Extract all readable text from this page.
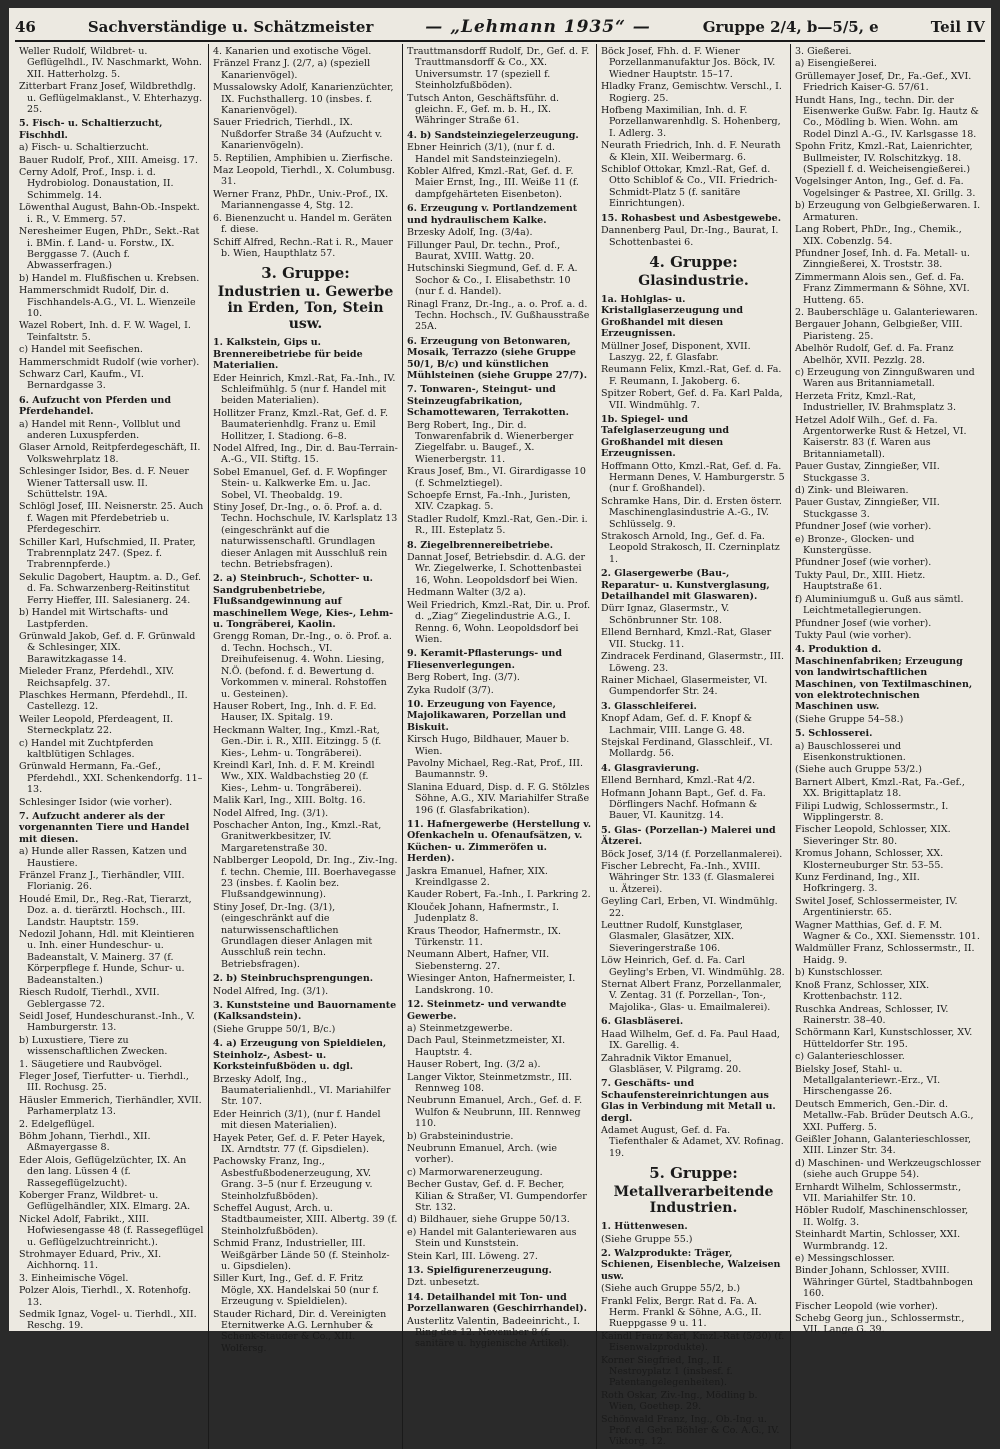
46	Sachverständige u. Schätzmeister	— „Lehmann 1935“ —	Gruppe 2/4, b—5/5, e	Teil IV
Weller Rudolf, Wildbret- u. Geflügelhdl., IV. Naschmarkt, Wohn. XII. Hatterholzg. 5.
Zitterbart Franz Josef, Wildbrethdlg. u. Geflügelmaklanst., V. Ehterhazyg. 25.
5. Fisch- u. Schaltierzucht, Fischhdl.
a) Fisch- u. Schaltierzucht.
Bauer Rudolf, Prof., XIII. Ameisg. 17.
Cerny Adolf, Prof., Insp. i. d. Hydrobiolog. Donaustation, II. Schimmelg. 14.
Löwenthal August, Bahn-Ob.-Inspekt. i. R., V. Emmerg. 57.
Neresheimer Eugen, PhDr., Sekt.-Rat i. BMin. f. Land- u. Forstw., IX. Berggasse 7. (Auch f. Abwasserfragen.)
b) Handel m. Flußfischen u. Krebsen.
Hammerschmidt Rudolf, Dir. d. Fischhandels-A.G., VI. L. Wienzeile 10.
Wazel Robert, Inh. d. F. W. Wagel, I. Teinfaltstr. 5.
c) Handel mit Seefischen.
Hammerschmidt Rudolf (wie vorher).
Schwarz Carl, Kaufm., VI. Bernardgasse 3.
6. Aufzucht von Pferden und Pferdehandel.
a) Handel mit Renn-, Vollblut und anderen Luxuspferden.
Glaser Arnold, Reitpferdegeschäft, II. Volkswehrplatz 18.
Schlesinger Isidor, Bes. d. F. Neuer Wiener Tattersall usw. II. Schüttelstr. 19A.
Schlögl Josef, III. Neisnerstr. 25. Auch f. Wagen mit Pferdebetrieb u. Pferdegeschirr.
Schiller Karl, Hufschmied, II. Prater, Trabrennplatz 247. (Spez. f. Trabrennpferde.)
Sekulic Dagobert, Hauptm. a. D., Gef. d. Fa. Schwarzenberg-Reitinstitut Ferry Hieffer, III. Salesianerg. 24.
b) Handel mit Wirtschafts- und Lastpferden.
Grünwald Jakob, Gef. d. F. Grünwald & Schlesinger, XIX. Barawitzkagasse 14.
Mieleder Franz, Pferdehdl., XIV. Reichsapfelg. 37.
Plaschkes Hermann, Pferdehdl., II. Castellezg. 12.
Weiler Leopold, Pferdeagent, II. Sterneckplatz 22.
c) Handel mit Zuchtpferden kaltblütigen Schlages.
Grünwald Hermann, Fa.-Gef., Pferdehdl., XXI. Schenkendorfg. 11–13.
Schlesinger Isidor (wie vorher).
7. Aufzucht anderer als der vorgenannten Tiere und Handel mit diesen.
a) Hunde aller Rassen, Katzen und Haustiere.
Fränzel Franz J., Tierhändler, VIII. Florianig. 26.
Houdé Emil, Dr., Reg.-Rat, Tierarzt, Doz. a. d. tierärztl. Hochsch., III. Landstr. Hauptstr. 159.
Nedozil Johann, Hdl. mit Kleintieren u. Inh. einer Hundeschur- u. Badeanstalt, V. Mainerg. 37 (f. Körperpflege f. Hunde, Schur- u. Badeanstalten.)
Riesch Rudolf, Tierhdl., XVII. Geblergasse 72.
Seidl Josef, Hundeschuranst.-Inh., V. Hamburgerstr. 13.
b) Luxustiere, Tiere zu wissenschaftlichen Zwecken.
1. Säugetiere und Raubvögel.
Fleger Josef, Tierfutter- u. Tierhdl., III. Rochusg. 25.
Häusler Emmerich, Tierhändler, XVII. Parhamerplatz 13.
2. Edelgeflügel.
Böhm Johann, Tierhdl., XII. Aßmayergasse 8.
Eder Alois, Geflügelzüchter, IX. An den lang. Lüssen 4 (f. Rassegeflügelzucht).
Koberger Franz, Wildbret- u. Geflügelhändler, XIX. Elmarg. 2A.
Nickel Adolf, Fabrikt., XIII. Hofwiesengasse 48 (f. Rassegeflügel u. Geflügelzuchtreinricht.).
Strohmayer Eduard, Priv., XI. Aichhornq. 11.
3. Einheimische Vögel.
Polzer Alois, Tierhdl., X. Rotenhofg. 13.
Sedmik Ignaz, Vogel- u. Tierhdl., XII. Reschg. 19.
4. Kanarien und exotische Vögel.
Fränzel Franz J. (2/7, a) (speziell Kanarienvögel).
Mussalowsky Adolf, Kanarienzüchter, IX. Fuchsthallerg. 10 (insbes. f. Kanarienvögel).
Sauer Friedrich, Tierhdl., IX. Nußdorfer Straße 34 (Aufzucht v. Kanarienvögeln).
5. Reptilien, Amphibien u. Zierfische.
Maz Leopold, Tierhdl., X. Columbusg. 31.
Werner Franz, PhDr., Univ.-Prof., IX. Mariannengasse 4, Stg. 12.
6. Bienenzucht u. Handel m. Geräten f. diese.
Schiff Alfred, Rechn.-Rat i. R., Mauer b. Wien, Haupthlatz 57.
3. Gruppe:
Industrien u. Gewerbe in Erden, Ton, Stein usw.
1. Kalkstein, Gips u. Brennereibetriebe für beide Materialien.
Eder Heinrich, Kmzl.-Rat, Fa.-Inh., IV. Schleifmühlg. 5 (nur f. Handel mit beiden Materialien).
Hollitzer Franz, Kmzl.-Rat, Gef. d. F. Baumaterienhdlg. Franz u. Emil Hollitzer, I. Stadiong. 6–8.
Nodel Alfred, Ing., Dir. d. Bau-Terrain-A.-G., VII. Stiftg. 15.
Sobel Emanuel, Gef. d. F. Wopfinger Stein- u. Kalkwerke Em. u. Jac. Sobel, VI. Theobaldg. 19.
Stiny Josef, Dr.-Ing., o. ö. Prof. a. d. Techn. Hochschule, IV. Karlsplatz 13 (eingeschränkt auf die naturwissenschaftl. Grundlagen dieser Anlagen mit Ausschluß rein techn. Betriebsfragen).
2. a) Steinbruch-, Schotter- u. Sandgrubenbetriebe, Flußsandgewinnung auf maschinellem Wege, Kies-, Lehm- u. Tongräberei, Kaolin.
Grengg Roman, Dr.-Ing., o. ö. Prof. a. d. Techn. Hochsch., VI. Dreihufeisenug. 4. Wohn. Liesing, N.Ö. (befond. f. d. Bewertung d. Vorkommen v. mineral. Rohstoffen u. Gesteinen).
Hauser Robert, Ing., Inh. d. F. Ed. Hauser, IX. Spitalg. 19.
Heckmann Walter, Ing., Kmzl.-Rat, Gen.-Dir. i. R., XIII. Eitzingg. 5 (f. Kies-, Lehm- u. Tongräberei).
Kreindl Karl, Inh. d. F. M. Kreindl Ww., XIX. Waldbachstieg 20 (f. Kies-, Lehm- u. Tongräberei).
Malik Karl, Ing., XIII. Boltg. 16.
Nodel Alfred, Ing. (3/1).
Poschacher Anton, Ing., Kmzl.-Rat, Granitwerkbesitzer, IV. Margaretenstraße 30.
Nablberger Leopold, Dr. Ing., Ziv.-Ing. f. techn. Chemie, III. Boerhavegasse 23 (insbes. f. Kaolin bez. Flußsandgewinnung).
Stiny Josef, Dr.-Ing. (3/1), (eingeschränkt auf die naturwissenschaftlichen Grundlagen dieser Anlagen mit Ausschluß rein techn. Betriebsfragen).
2. b) Steinbruchsprengungen.
Nodel Alfred, Ing. (3/1).
3. Kunststeine und Bauornamente (Kalksandstein).
(Siehe Gruppe 50/1, B/c.)
4. a) Erzeugung von Spieldielen, Steinholz-, Asbest- u. Korksteinfußböden u. dgl.
Brzesky Adolf, Ing., Baumaterialienhdl., VI. Mariahilfer Str. 107.
Eder Heinrich (3/1), (nur f. Handel mit diesen Materialien).
Hayek Peter, Gef. d. F. Peter Hayek, IX. Arndtstr. 77 (f. Gipsdielen).
Pachowsky Franz, Ing., Asbestfußbodenerzeugung, XV. Grang. 3–5 (nur f. Erzeugung v. Steinholzfußböden).
Scheffel August, Arch. u. Stadtbaumeister, XIII. Albertg. 39 (f. Steinholzfußböden).
Schmid Franz, Industrieller, III. Weißgärber Lände 50 (f. Steinholz- u. Gipsdielen).
Siller Kurt, Ing., Gef. d. F. Fritz Mögle, XX. Handelskai 50 (nur f. Erzeugung v. Spieldielen).
Stauder Richard, Dir. d. Vereinigten Eternitwerke A.G. Lernhuber & Schenk-Stauder & Co., XIII. Wolfersg.
Trauttmansdorff Rudolf, Dr., Gef. d. F. Trauttmansdorff & Co., XX. Universumstr. 17 (speziell f. Steinholzfußböden).
Tutsch Anton, Geschäftsführ. d. gleichn. F., Gef. m. b. H., IX. Währinger Straße 61.
4. b) Sandsteinziegelerzeugung.
Ebner Heinrich (3/1), (nur f. d. Handel mit Sandsteinziegeln).
Kobler Alfred, Kmzl.-Rat, Gef. d. F. Maier Ernst, Ing., III. Weiße 11 (f. dampfgehärteten Eisenbeton).
6. Erzeugung v. Portlandzement und hydraulischem Kalke.
Brzesky Adolf, Ing. (3/4a).
Fillunger Paul, Dr. techn., Prof., Baurat, XVIII. Wattg. 20.
Hutschinski Siegmund, Gef. d. F. A. Sochor & Co., I. Elisabethstr. 10 (nur f. d. Handel).
Rinagl Franz, Dr.-Ing., a. o. Prof. a. d. Techn. Hochsch., IV. Gußhausstraße 25A.
6. Erzeugung von Betonwaren, Mosaik, Terrazzo (siehe Gruppe 50/1, B/c) und künstlichen Mühlsteinen (siehe Gruppe 27/7).
7. Tonwaren-, Steingut- und Steinzeugfabrikation, Schamottewaren, Terrakotten.
Berg Robert, Ing., Dir. d. Tonwarenfabrik d. Wienerberger Ziegelfabr. u. Baugef., X. Wienerbergstr. 11.
Kraus Josef, Bm., VI. Girardigasse 10 (f. Schmelztiegel).
Schoepfe Ernst, Fa.-Inh., Juristen, XIV. Czapkag. 5.
Stadler Rudolf, Kmzl.-Rat, Gen.-Dir. i. R., III. Esteplatz 5.
8. Ziegelbrennereibetriebe.
Dannat Josef, Betriebsdir. d. A.G. der Wr. Ziegelwerke, I. Schottenbastei 16, Wohn. Leopoldsdorf bei Wien.
Hedmann Walter (3/2 a).
Weil Friedrich, Kmzl.-Rat, Dir. u. Prof. d. „Ziag“ Ziegelindustrie A.G., I. Renng. 6, Wohn. Leopoldsdorf bei Wien.
9. Keramit-Pflasterungs- und Fliesenverlegungen.
Berg Robert, Ing. (3/7).
Zyka Rudolf (3/7).
10. Erzeugung von Fayence, Majolikawaren, Porzellan und Biskuit.
Kirsch Hugo, Bildhauer, Mauer b. Wien.
Pavolny Michael, Reg.-Rat, Prof., III. Baumannstr. 9.
Slanina Eduard, Disp. d. F. G. Stölzles Söhne, A.G., XIV. Mariahilfer Straße 196 (f. Glasfabrikation).
11. Hafnergewerbe (Herstellung v. Ofenkacheln u. Ofenaufsätzen, v. Küchen- u. Zimmeröfen u. Herden).
Jaskra Emanuel, Hafner, XIX. Kreindlgasse 2.
Kauder Robert, Fa.-Inh., I. Parkring 2.
Klouček Johann, Hafnermstr., I. Judenplatz 8.
Kraus Theodor, Hafnermstr., IX. Türkenstr. 11.
Neumann Albert, Hafner, VII. Siebensterng. 27.
Wiesinger Anton, Hafnermeister, I. Landskrong. 10.
12. Steinmetz- und verwandte Gewerbe.
a) Steinmetzgewerbe.
Dach Paul, Steinmetzmeister, XI. Hauptstr. 4.
Hauser Robert, Ing. (3/2 a).
Langer Viktor, Steinmetzmstr., III. Rennweg 108.
Neubrunn Emanuel, Arch., Gef. d. F. Wulfon & Neubrunn, III. Rennweg 110.
b) Grabsteinindustrie.
Neubrunn Emanuel, Arch. (wie vorher).
c) Marmorwarenerzeugung.
Becher Gustav, Gef. d. F. Becher, Kilian & Straßer, VI. Gumpendorfer Str. 132.
d) Bildhauer, siehe Gruppe 50/13.
e) Handel mit Galanteriewaren aus Stein und Kunststein.
Stein Karl, III. Löweng. 27.
13. Spielfigurenerzeugung.
Dzt. unbesetzt.
14. Detailhandel mit Ton- und Porzellanwaren (Geschirrhandel).
Austerlitz Valentin, Badeeinricht., I. Ring des 12. November 8 (f. sanitäre u. hygienische Artikel).
Böck Josef, Fhh. d. F. Wiener Porzellanmanufaktur Jos. Böck, IV. Wiedner Hauptstr. 15–17.
Hladky Franz, Gemischtw. Verschl., I. Rogierg. 25.
Hofbeng Maximilian, Inh. d. F. Porzellanwarenhdlg. S. Hohenberg, I. Adlerg. 3.
Neurath Friedrich, Inh. d. F. Neurath & Klein, XII. Weibermarg. 6.
Schiblof Ottokar, Kmzl.-Rat, Gef. d. Otto Schiblof & Co., VII. Friedrich-Schmidt-Platz 5 (f. sanitäre Einrichtungen).
15. Rohasbest und Asbestgewebe.
Dannenberg Paul, Dr.-Ing., Baurat, I. Schottenbastei 6.
4. Gruppe:
Glasindustrie.
1a. Hohlglas- u. Kristallglaserzeugung und Großhandel mit diesen Erzeugnissen.
Müllner Josef, Disponent, XVII. Laszyg. 22, f. Glasfabr.
Reumann Felix, Kmzl.-Rat, Gef. d. Fa. F. Reumann, I. Jakoberg. 6.
Spitzer Robert, Gef. d. Fa. Karl Palda, VII. Windmühlg. 7.
1b. Spiegel- und Tafelglaserzeugung und Großhandel mit diesen Erzeugnissen.
Hoffmann Otto, Kmzl.-Rat, Gef. d. Fa. Hermann Denes, V. Hamburgerstr. 5 (nur f. Großhandel).
Schramke Hans, Dir. d. Ersten österr. Maschinenglasindustrie A.-G., IV. Schlüsselg. 9.
Strakosch Arnold, Ing., Gef. d. Fa. Leopold Strakosch, II. Czerninplatz 1.
2. Glasergewerbe (Bau-, Reparatur- u. Kunstverglasung, Detailhandel mit Glaswaren).
Dürr Ignaz, Glasermstr., V. Schönbrunner Str. 108.
Ellend Bernhard, Kmzl.-Rat, Glaser VII. Stuckg. 11.
Zindracek Ferdinand, Glasermstr., III. Löweng. 23.
Rainer Michael, Glasermeister, VI. Gumpendorfer Str. 24.
3. Glasschleiferei.
Knopf Adam, Gef. d. F. Knopf & Lachmair, VIII. Lange G. 48.
Stejskal Ferdinand, Glasschleif., VI. Mollardg. 56.
4. Glasgravierung.
Ellend Bernhard, Kmzl.-Rat 4/2.
Hofmann Johann Bapt., Gef. d. Fa. Dörflingers Nachf. Hofmann & Bauer, VI. Kaunitzg. 14.
5. Glas- (Porzellan-) Malerei und Ätzerei.
Böck Josef, 3/14 (f. Porzellanmalerei).
Fischer Lebrecht, Fa.-Inh., XVIII. Währinger Str. 133 (f. Glasmalerei u. Ätzerei).
Geyling Carl, Erben, VI. Windmühlg. 22.
Leuttner Rudolf, Kunstglaser, Glasmaler, Glasätzer, XIX. Sieveringerstraße 106.
Löw Heinrich, Gef. d. Fa. Carl Geyling's Erben, VI. Windmühlg. 28.
Sternat Albert Franz, Porzellanmaler, V. Zentag. 31 (f. Porzellan-, Ton-, Majolika-, Glas- u. Emailmalerei).
6. Glasbläserei.
Haad Wilhelm, Gef. d. Fa. Paul Haad, IX. Garellig. 4.
Zahradnik Viktor Emanuel, Glasbläser, V. Pilgramg. 20.
7. Geschäfts- und Schaufenstereinrichtungen aus Glas in Verbindung mit Metall u. dergl.
Adamet August, Gef. d. Fa. Tiefenthaler & Adamet, XV. Rofinag. 19.
5. Gruppe:
Metallverarbeitende Industrien.
1. Hüttenwesen.
(Siehe Gruppe 55.)
2. Walzprodukte: Träger, Schienen, Eisenbleche, Walzeisen usw.
(Siehe auch Gruppe 55/2, b.)
Frankl Felix, Bergr. Rat d. Fa. A. Herm. Frankl & Söhne, A.G., II. Rueppgasse 9 u. 11.
Kaindl Franz Karl, Kmzl.-Rat (5/30) (f. Eisenwalzprodukte).
Korner Siegfried, Ing., II. Nestroyplatz 1 (insbesf. f. Patentangelegenheiten).
Roth Oskar, Ziv.-Ing., Mödling b. Wien, Goethep. 29.
Schönwald Franz, Ing., Ob.-Ing. u. Prof. d. Gebr. Böhler & Co. A.G., IV. Viktorg. 12.
3. Gießerei.
a) Eisengießerei.
Grüllemayer Josef, Dr., Fa.-Gef., XVI. Friedrich Kaiser-G. 57/61.
Hundt Hans, Ing., techn. Dir. der Eisenwerke Gußw. Fabr. Ig. Hautz & Co., Mödling b. Wien. Wohn. am Rodel Dinzl A.-G., IV. Karlsgasse 18.
Spohn Fritz, Kmzl.-Rat, Laienrichter, Bullmeister, IV. Rolschitzkyg. 18. (Speziell f. d. Weicheisengießerei.)
Vogelsinger Anton, Ing., Gef. d. Fa. Vogelsinger & Pastree, XI. Grillg. 3.
b) Erzeugung von Gelbgießerwaren. I. Armaturen.
Lang Robert, PhDr., Ing., Chemik., XIX. Cobenzlg. 54.
Pfundner Josef, Inh. d. Fa. Metall- u. Zinngießerei, X. Troststr. 38.
Zimmermann Alois sen., Gef. d. Fa. Franz Zimmermann & Söhne, XVI. Hutteng. 65.
2. Bauberschläge u. Galanteriewaren.
Bergauer Johann, Gelbgießer, VIII. Piaristeng. 25.
Abelhör Rudolf, Gef. d. Fa. Franz Abelhör, XVII. Pezzlg. 28.
c) Erzeugung von Zinngußwaren und Waren aus Britanniametall.
Herzeta Fritz, Kmzl.-Rat, Industrieller, IV. Brahmsplatz 3.
Hetzel Adolf Wilh., Gef. d. Fa. Argentorwerke Rust & Hetzel, VI. Kaiserstr. 83 (f. Waren aus Britanniametall).
Pauer Gustav, Zinngießer, VII. Stuckgasse 3.
d) Zink- und Bleiwaren.
Pauer Gustav, Zinngießer, VII. Stuckgasse 3.
Pfundner Josef (wie vorher).
e) Bronze-, Glocken- und Kunstergüsse.
Pfundner Josef (wie vorher).
Tukty Paul, Dr., XIII. Hietz. Hauptstraße 61.
f) Aluminiumguß u. Guß aus sämtl. Leichtmetallegierungen.
Pfundner Josef (wie vorher).
Tukty Paul (wie vorher).
4. Produktion d. Maschinenfabriken; Erzeugung von landwirtschaftlichen Maschinen, von Textilmaschinen, von elektrotechnischen Maschinen usw.
(Siehe Gruppe 54–58.)
5. Schlosserei.
a) Bauschlosserei und Eisenkonstruktionen.
(Siehe auch Gruppe 53/2.)
Barnert Albert, Kmzl.-Rat, Fa.-Gef., XX. Brigittaplatz 18.
Filipi Ludwig, Schlossermstr., I. Wipplingerstr. 8.
Fischer Leopold, Schlosser, XIX. Sieveringer Str. 80.
Kromus Johann, Schlosser, XX. Klosterneuburger Str. 53–55.
Kunz Ferdinand, Ing., XII. Hofkringerg. 3.
Switel Josef, Schlossermeister, IV. Argentinierstr. 65.
Wagner Matthias, Gef. d. F. M. Wagner & Co., XXI. Siemensstr. 101.
Waldmüller Franz, Schlossermstr., II. Haidg. 9.
b) Kunstschlosser.
Knoß Franz, Schlosser, XIX. Krottenbachstr. 112.
Ruschka Andreas, Schlosser, IV. Rainerstr. 38–40.
Schörmann Karl, Kunstschlosser, XV. Hütteldorfer Str. 195.
c) Galanterieschlosser.
Bielsky Josef, Stahl- u. Metallgalanteriewr.-Erz., VI. Hirschengasse 26.
Deutsch Emmerich, Gen.-Dir. d. Metallw.-Fab. Brüder Deutsch A.G., XXI. Pufferg. 5.
Geißler Johann, Galanterieschlosser, XIII. Linzer Str. 34.
d) Maschinen- und Werkzeugschlosser (siehe auch Gruppe 54).
Ernhardt Wilhelm, Schlossermstr., VII. Mariahilfer Str. 10.
Höbler Rudolf, Maschinenschlosser, II. Wolfg. 3.
Steinhardt Martin, Schlosser, XXI. Wurmbrandg. 12.
e) Messingschlosser.
Binder Johann, Schlosser, XVIII. Währinger Gürtel, Stadtbahnbogen 160.
Fischer Leopold (wie vorher).
Schebg Georg jun., Schlossermstr., VII. Lange G. 39.
